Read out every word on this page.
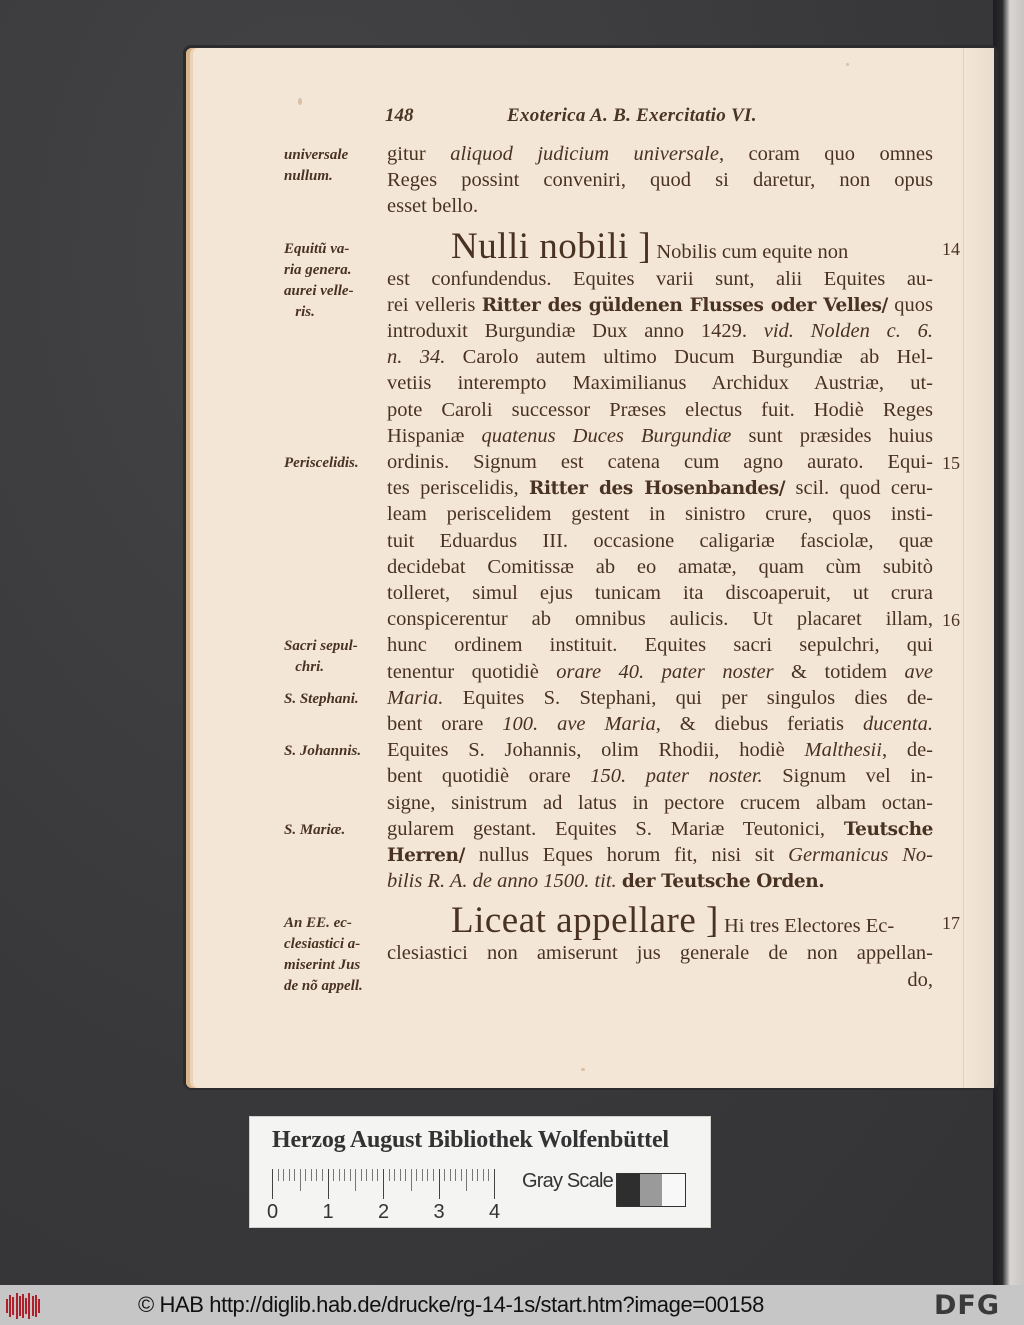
148	Exoterica A. B. Exercitatio VI.
gitur aliquod judicium universale, coram quo omnes
Reges possint conveniri, quod si daretur, non opus
esset bello.
Nulli nobili ] Nobilis cum equite non
est confundendus. Equites varii sunt, alii Equites au-
rei velleris Ritter des güldenen Flusses oder Velles/ quos
introduxit Burgundiæ Dux anno 1429. vid. Nolden c. 6.
n. 34. Carolo autem ultimo Ducum Burgundiæ ab Hel-
vetiis interempto Maximilianus Archidux Austriæ, ut-
pote Caroli successor Præses electus fuit. Hodiè Reges
Hispaniæ quatenus Duces Burgundiæ sunt præsides huius
ordinis. Signum est catena cum agno aurato. Equi-
tes periscelidis, Ritter des Hosenbandes/ scil. quod ceru-
leam periscelidem gestent in sinistro crure, quos insti-
tuit Eduardus III. occasione caligariæ fasciolæ, quæ
decidebat Comitissæ ab eo amatæ, quam cùm subitò
tolleret, simul ejus tunicam ita discoaperuit, ut crura
conspicerentur ab omnibus aulicis. Ut placaret illam,
hunc ordinem instituit. Equites sacri sepulchri, qui
tenentur quotidiè orare 40. pater noster & totidem ave
Maria. Equites S. Stephani, qui per singulos dies de-
bent orare 100. ave Maria, & diebus feriatis ducenta.
Equites S. Johannis, olim Rhodii, hodiè Malthesii, de-
bent quotidiè orare 150. pater noster. Signum vel in-
signe, sinistrum ad latus in pectore crucem albam octan-
gularem gestant. Equites S. Mariæ Teutonici, Teutsche
Herren/ nullus Eques horum fit, nisi sit Germanicus No-
bilis R. A. de anno 1500. tit. der Teutsche Orden.
Liceat appellare ] Hi tres Electores Ec-
clesiastici non amiserunt jus generale de non appellan-
do,
universale
nullum.
Equitũ va-
ria genera.
aurei velle-
ris.
Periscelidis.
Sacri sepul-
chri.
S. Stephani.
S. Johannis.
S. Mariæ.
An EE. ec-
clesiastici a-
miserint Jus
de nõ appell.
14
15
16
17
Herzog August Bibliothek Wolfenbüttel
0 1 2 3 4
Gray Scale
© HAB http://diglib.hab.de/drucke/rg-14-1s/start.htm?image=00158	DFG
